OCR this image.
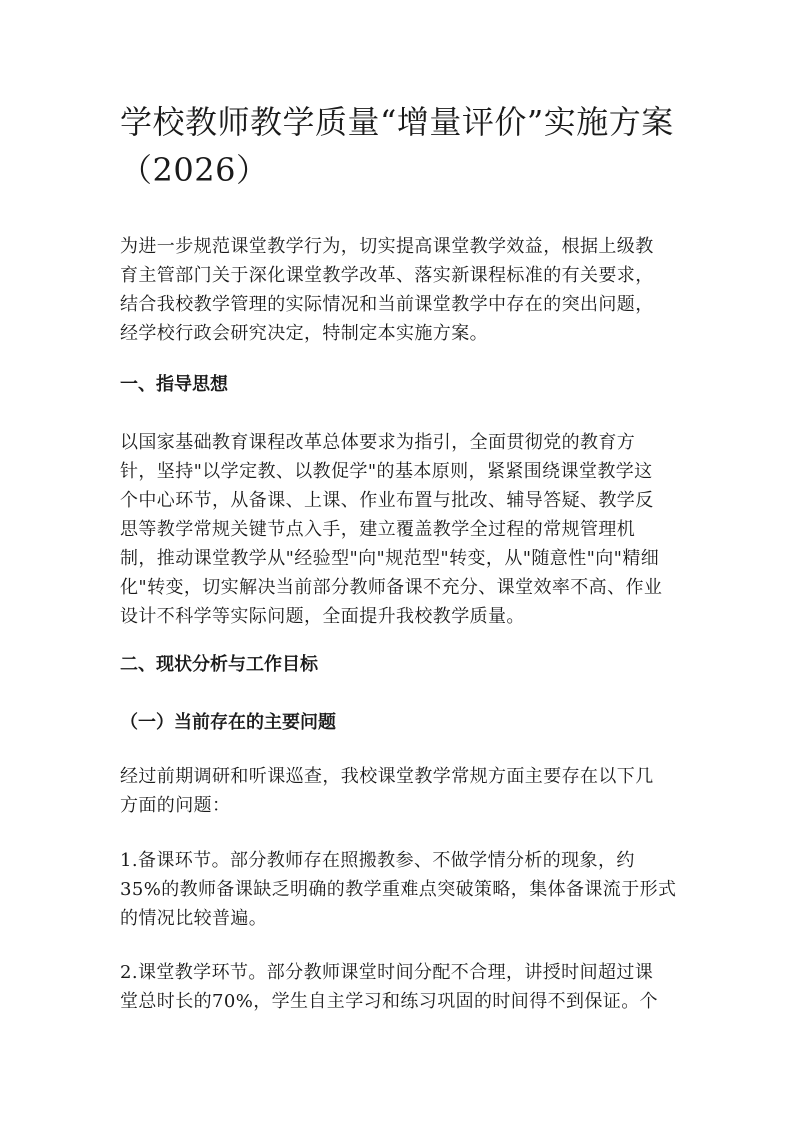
学校教师教学质量“增量评价”实施方案
（2026）

为进一步规范课堂教学行为，切实提高课堂教学效益，根据上级教
育主管部门关于深化课堂教学改革、落实新课程标准的有关要求，
结合我校教学管理的实际情况和当前课堂教学中存在的突出问题，
经学校行政会研究决定，特制定本实施方案。

一、指导思想

以国家基础教育课程改革总体要求为指引，全面贯彻党的教育方
针，坚持"以学定教、以教促学"的基本原则，紧紧围绕课堂教学这
个中心环节，从备课、上课、作业布置与批改、辅导答疑、教学反
思等教学常规关键节点入手，建立覆盖教学全过程的常规管理机
制，推动课堂教学从"经验型"向"规范型"转变，从"随意性"向"精细
化"转变，切实解决当前部分教师备课不充分、课堂效率不高、作业
设计不科学等实际问题，全面提升我校教学质量。

二、现状分析与工作目标
（一）当前存在的主要问题

经过前期调研和听课巡查，我校课堂教学常规方面主要存在以下几
方面的问题：

1.备课环节。部分教师存在照搬教参、不做学情分析的现象，约
35%的教师备课缺乏明确的教学重难点突破策略，集体备课流于形式
的情况比较普遍。

2.课堂教学环节。部分教师课堂时间分配不合理，讲授时间超过课
堂总时长的70%，学生自主学习和练习巩固的时间得不到保证。个
